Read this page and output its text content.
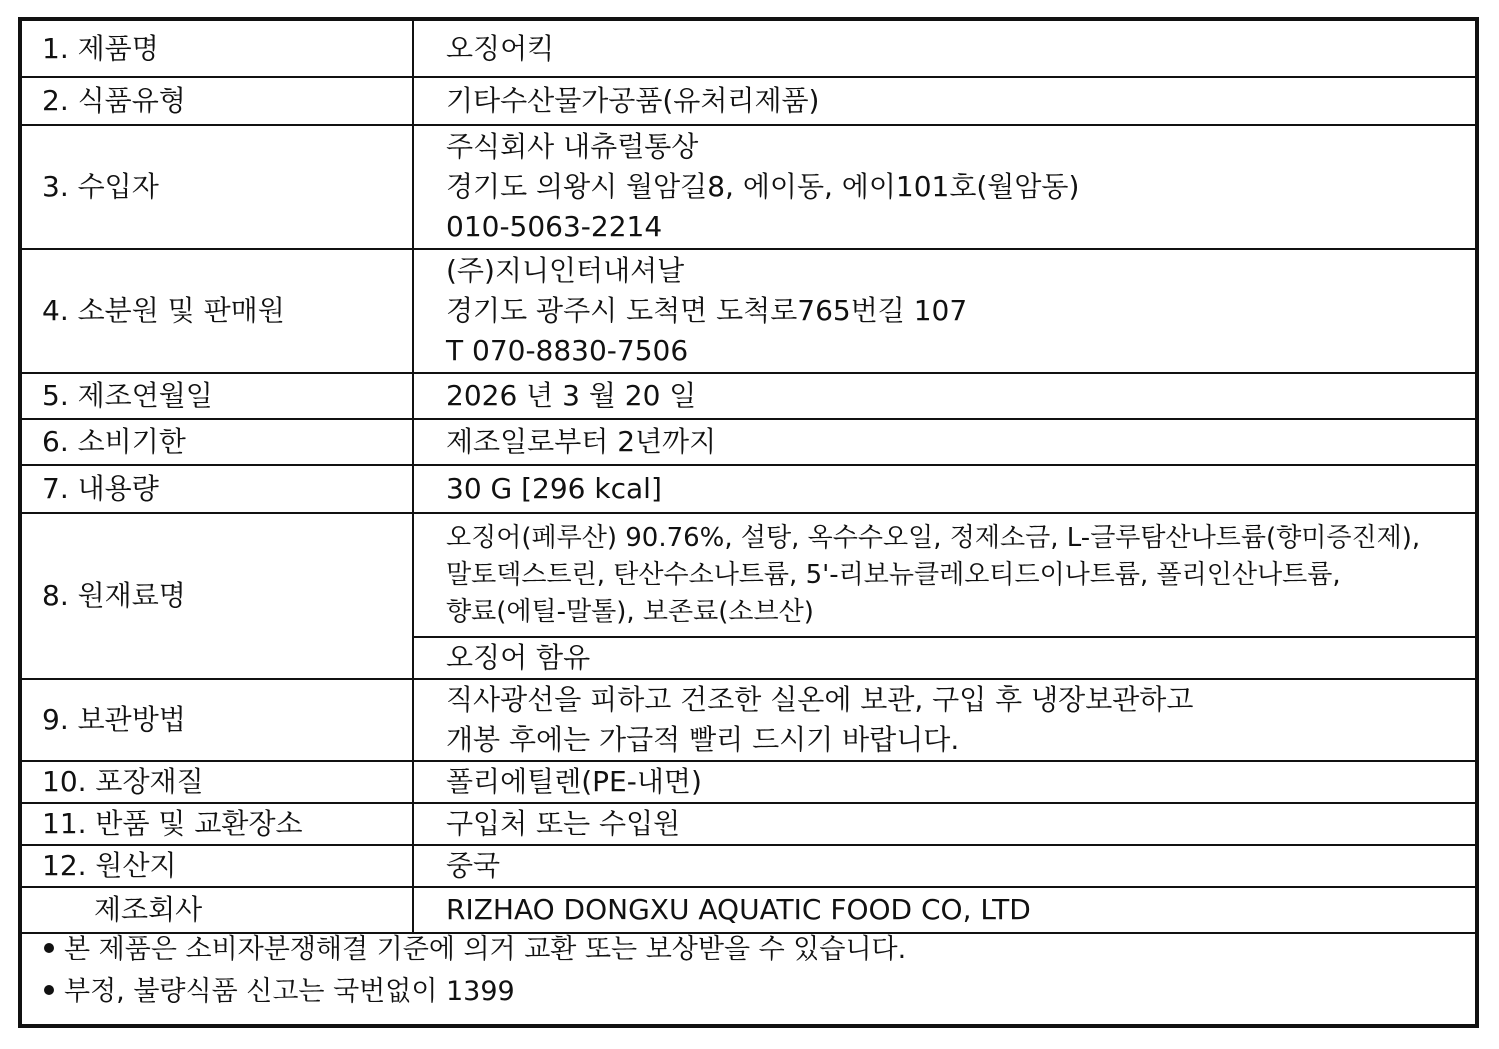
1. 제품명	오징어킥

2. 식품유형	기타수산물가공품(유처리제품)

3. 수입자	주식회사 내츄럴통상
경기도 의왕시 월암길8, 에이동, 에이101호(월암동)
010-5063-2214

4. 소분원 및 판매원	(주)지니인터내셔날
경기도 광주시 도척면 도척로765번길 107
T 070-8830-7506

5. 제조연월일	2026 년 3 월 20 일

6. 소비기한	제조일로부터 2년까지

7. 내용량	30 G [296 kcal]

8. 원재료명	오징어(페루산) 90.76%, 설탕, 옥수수오일, 정제소금, L-글루탐산나트륨(향미증진제),
말토덱스트린, 탄산수소나트륨, 5'-리보뉴클레오티드이나트륨, 폴리인산나트륨,
향료(에틸-말톨), 보존료(소브산)

	오징어 함유

9. 보관방법	직사광선을 피하고 건조한 실온에 보관, 구입 후 냉장보관하고
개봉 후에는 가급적 빨리 드시기 바랍니다.

10. 포장재질	폴리에틸렌(PE-내면)

11. 반품 및 교환장소	구입처 또는 수입원

12. 원산지	중국

제조회사	RIZHAO DONGXU AQUATIC FOOD CO, LTD
본 제품은 소비자분쟁해결 기준에 의거 교환 또는 보상받을 수 있습니다.
부정, 불량식품 신고는 국번없이 1399
